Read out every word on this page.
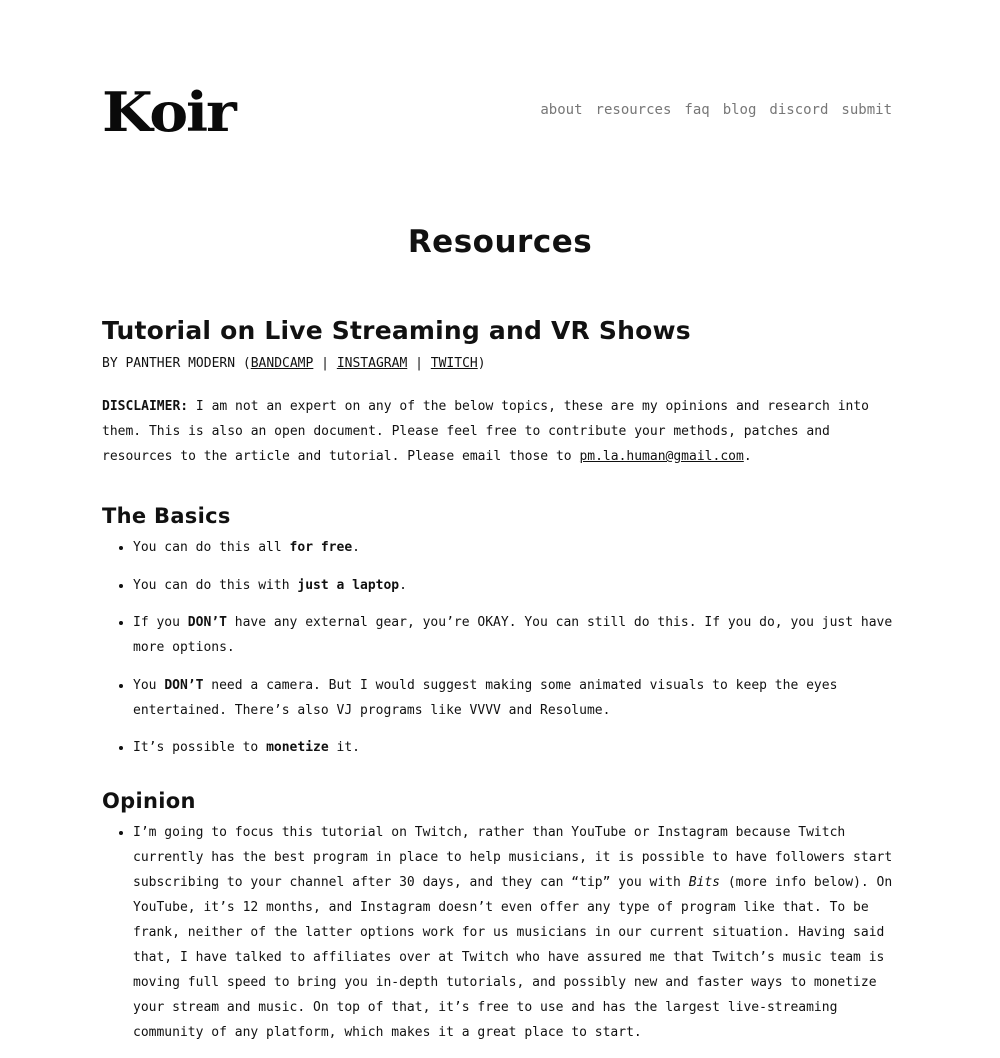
Koir	about resources faq blog discord submit
Resources
Tutorial on Live Streaming and VR Shows
BY PANTHER MODERN (BANDCAMP | INSTAGRAM | TWITCH)

DISCLAIMER: I am not an expert on any of the below topics, these are my opinions and research into them. This is also an open document. Please feel free to contribute your methods, patches and resources to the article and tutorial. Please email those to pm.la.human@gmail.com.

The Basics
• You can do this all for free.
• You can do this with just a laptop.
• If you DON’T have any external gear, you’re OKAY. You can still do this. If you do, you just have more options.
• You DON’T need a camera. But I would suggest making some animated visuals to keep the eyes entertained. There’s also VJ programs like VVVV and Resolume.
• It’s possible to monetize it.
Opinion
• I’m going to focus this tutorial on Twitch, rather than YouTube or Instagram because Twitch currently has the best program in place to help musicians, it is possible to have followers start subscribing to your channel after 30 days, and they can “tip” you with Bits (more info below). On YouTube, it’s 12 months, and Instagram doesn’t even offer any type of program like that. To be frank, neither of the latter options work for us musicians in our current situation. Having said that, I have talked to affiliates over at Twitch who have assured me that Twitch’s music team is moving full speed to bring you in-depth tutorials, and possibly new and faster ways to monetize your stream and music. On top of that, it’s free to use and has the largest live-streaming community of any platform, which makes it a great place to start.
